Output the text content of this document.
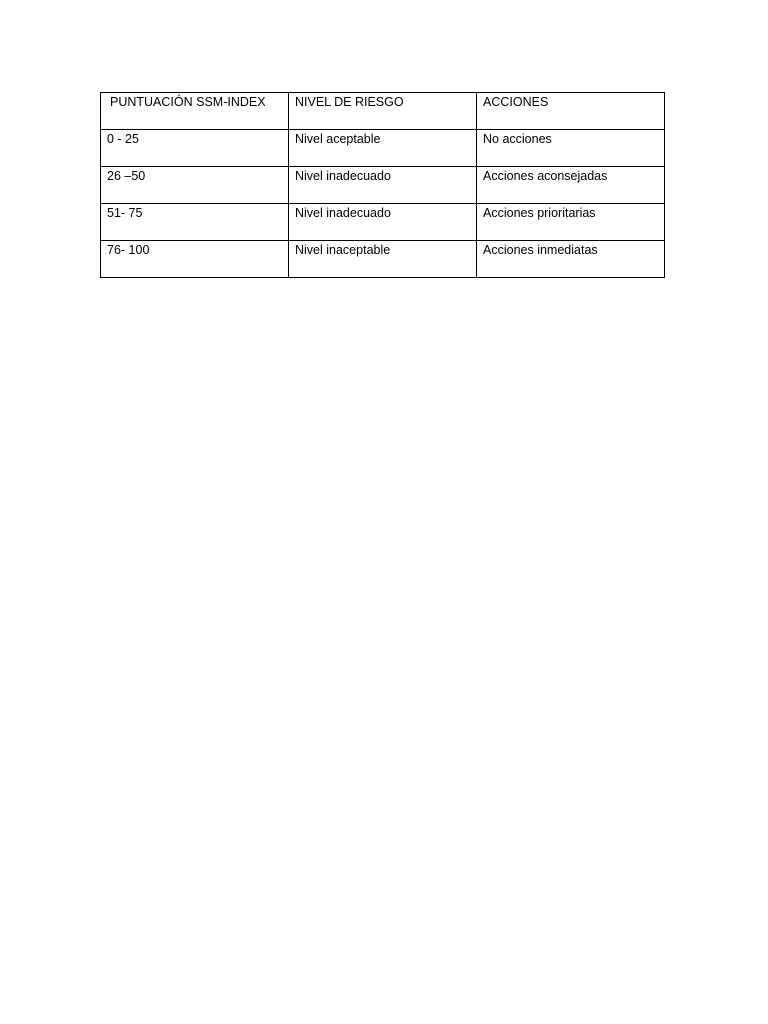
PUNTUACIÓN SSM-INDEX	NIVEL DE RIESGO	ACCIONES
0 - 25	Nivel aceptable	No acciones
26 –50	Nivel inadecuado	Acciones aconsejadas
51- 75	Nivel inadecuado	Acciones prioritarias
76- 100	Nivel inaceptable	Acciones inmediatas
